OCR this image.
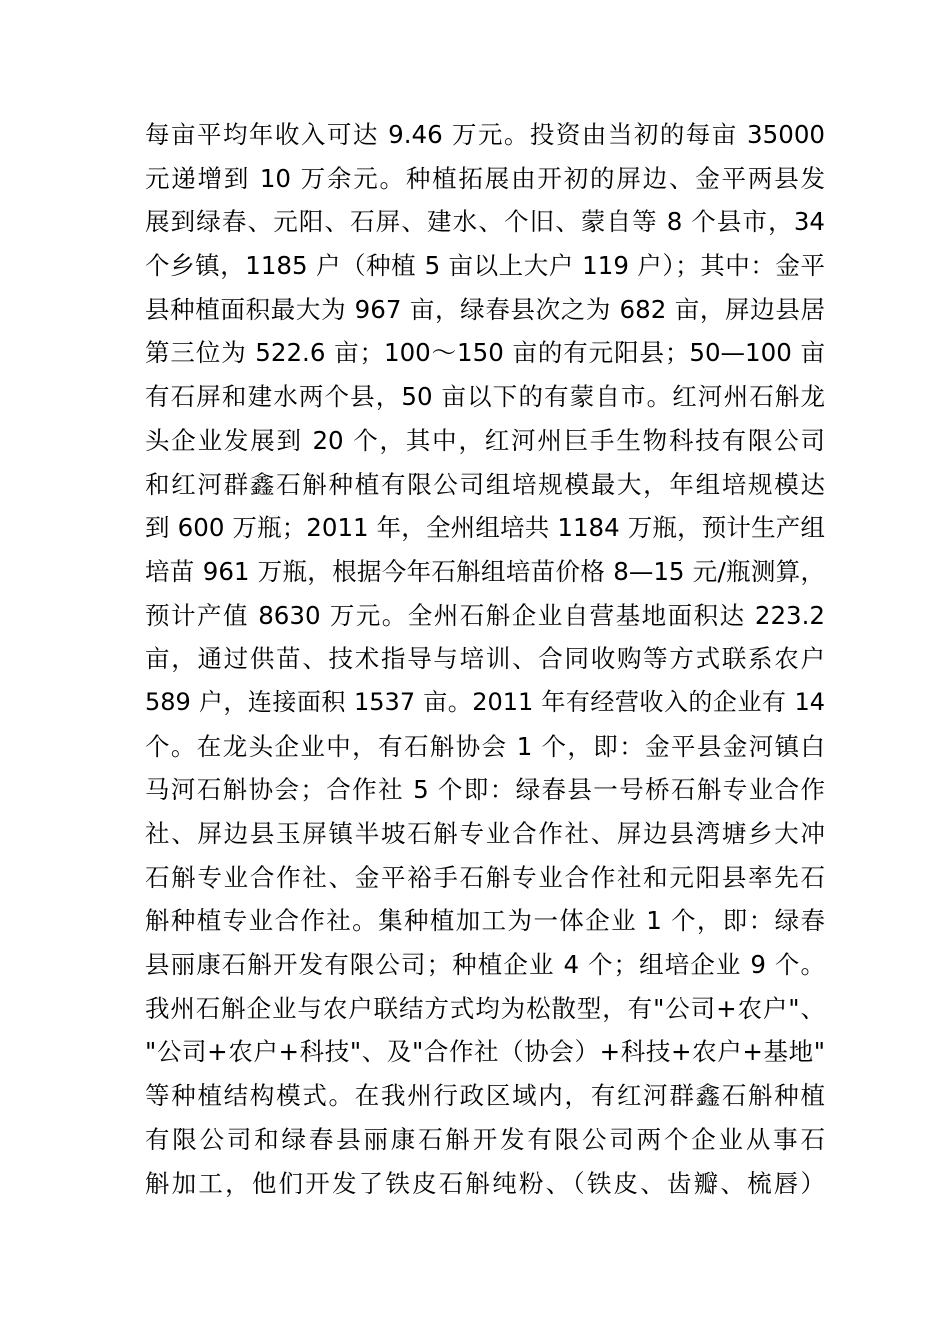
每亩平均年收入可达 9.46 万元。投资由当初的每亩 35000
元递增到 10 万余元。种植拓展由开初的屏边、金平两县发
展到绿春、元阳、石屏、建水、个旧、蒙自等 8 个县市，34
个乡镇，1185 户（种植 5 亩以上大户 119 户）；其中：金平
县种植面积最大为 967 亩，绿春县次之为 682 亩，屏边县居
第三位为 522.6 亩；100～150 亩的有元阳县；50—100 亩
有石屏和建水两个县，50 亩以下的有蒙自市。红河州石斛龙
头企业发展到 20 个，其中，红河州巨手生物科技有限公司
和红河群鑫石斛种植有限公司组培规模最大，年组培规模达
到 600 万瓶；2011 年，全州组培共 1184 万瓶，预计生产组
培苗 961 万瓶，根据今年石斛组培苗价格 8—15 元/瓶测算，
预计产值 8630 万元。全州石斛企业自营基地面积达 223.2
亩，通过供苗、技术指导与培训、合同收购等方式联系农户
589 户，连接面积 1537 亩。2011 年有经营收入的企业有 14
个。在龙头企业中，有石斛协会 1 个，即：金平县金河镇白
马河石斛协会；合作社 5 个即：绿春县一号桥石斛专业合作
社、屏边县玉屏镇半坡石斛专业合作社、屏边县湾塘乡大冲
石斛专业合作社、金平裕手石斛专业合作社和元阳县率先石
斛种植专业合作社。集种植加工为一体企业 1 个，即：绿春
县丽康石斛开发有限公司；种植企业 4 个；组培企业 9 个。
我州石斛企业与农户联结方式均为松散型，有"公司+农户"、
"公司+农户+科技"、及"合作社（协会）+科技+农户+基地"
等种植结构模式。在我州行政区域内，有红河群鑫石斛种植
有限公司和绿春县丽康石斛开发有限公司两个企业从事石
斛加工，他们开发了铁皮石斛纯粉、（铁皮、齿瓣、梳唇）
